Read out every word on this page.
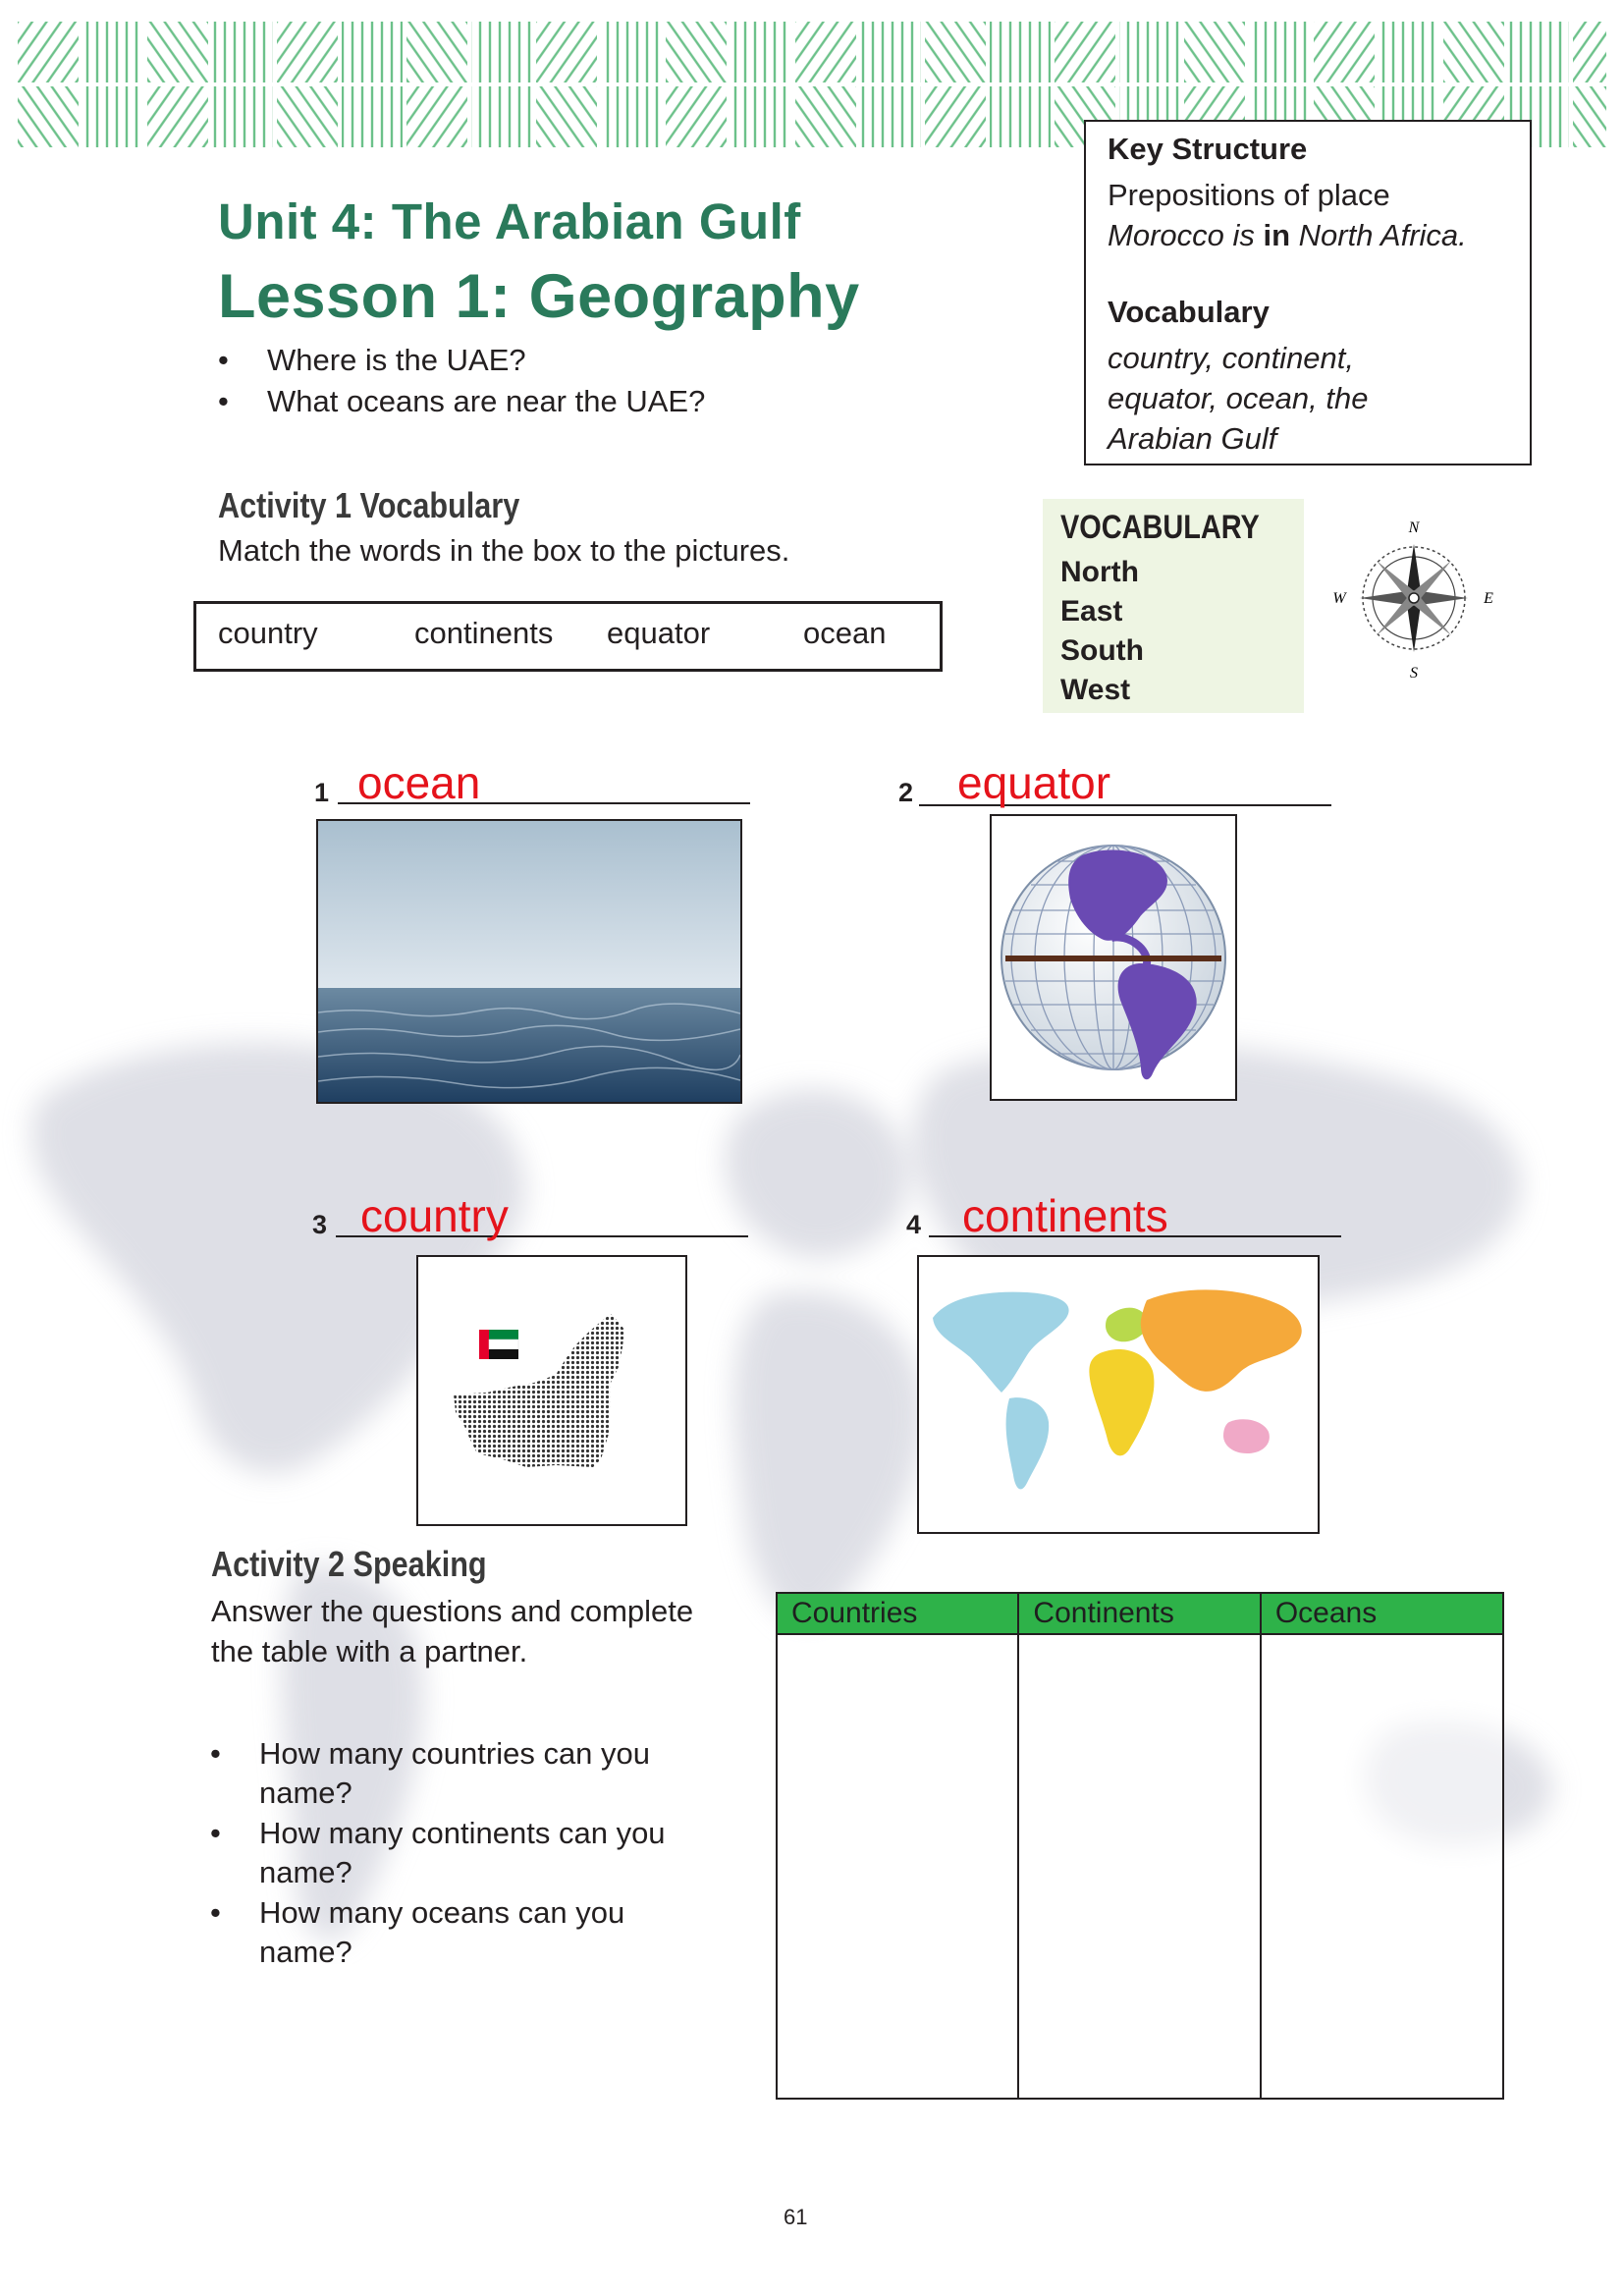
Unit 4: The Arabian Gulf
Lesson 1: Geography
• Where is the UAE?
• What oceans are near the UAE?
Key Structure
Prepositions of place
Morocco is in North Africa.
Vocabulary
country, continent,
equator, ocean, the
Arabian Gulf
VOCABULARY
North
East
South
West
N
S
W	E
Activity 1 Vocabulary
Match the words in the box to the pictures.
country	continents equator	ocean
1 ocean	2 equator
3 country	4 continents
Activity 2 Speaking
Answer the questions and complete
the table with a partner.
• How many countries can you
name?
• How many continents can you
name?
• How many oceans can you
name?
Countries	Continents	Oceans

61
